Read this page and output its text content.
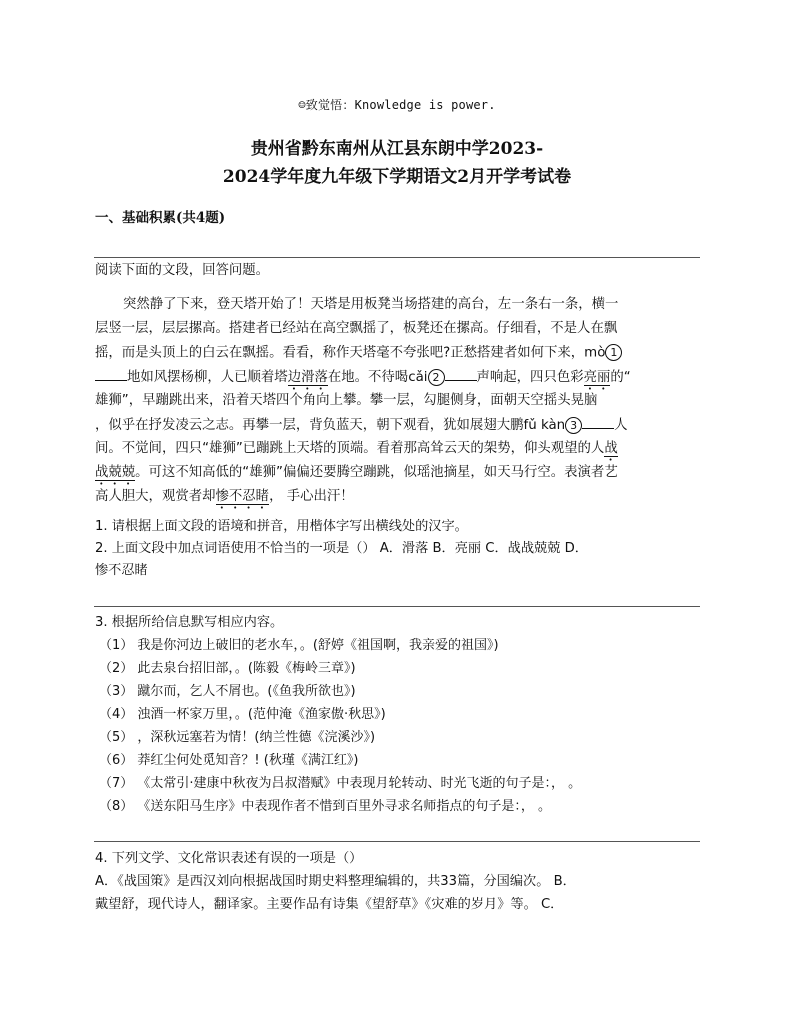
☺致觉悟：Knowledge is power.
贵州省黔东南州从江县东朗中学2023-
2024学年度九年级下学期语文2月开学考试卷
一、基础积累(共4题)
阅读下面的文段，回答问题。
突然静了下来，登天塔开始了！天塔是用板凳当场搭建的高台，左一条右一条，横一
层竖一层，层层摞高。搭建者已经站在高空飘摇了，板凳还在摞高。仔细看，不是人在飘
摇，而是头顶上的白云在飘摇。看看，称作天塔毫不夸张吧?正愁搭建者如何下来，mò 1
地如风摆杨柳，人已顺着塔边滑落在地。不待喝cǎi 2	声响起，四只色彩亮丽的“
雄狮”，早蹦跳出来，沿着天塔四个角向上攀。攀一层，勾腿侧身，面朝天空摇头晃脑
，似乎在抒发凌云之志。再攀一层，背负蓝天，朝下观看，犹如展翅大鹏fǔ kàn 3	人
间。不觉间，四只“雄狮”已蹦跳上天塔的顶端。看着那高耸云天的架势，仰头观望的人战
战兢兢。可这不知高低的“雄狮”偏偏还要腾空蹦跳，似瑶池摘星，如天马行空。表演者艺
高人胆大，观赏者却惨不忍睹， 手心出汗！
1. 请根据上面文段的语境和拼音，用楷体字写出横线处的汉字。
2. 上面文段中加点词语使用不恰当的一项是（） A．滑落 B．亮丽 C．战战兢兢 D．
惨不忍睹
3. 根据所给信息默写相应内容。
（1） 我是你河边上破旧的老水车，。(舒婷《祖国啊，我亲爱的祖国》)
（2） 此去泉台招旧部，。(陈毅《梅岭三章》)
（3） 蹴尔而，乞人不屑也。(《鱼我所欲也》)
（4） 浊酒一杯家万里，。(范仲淹《渔家傲·秋思》)
（5） ，深秋远塞若为情！(纳兰性德《浣溪沙》)
（6） 莽红尘何处觅知音？! (秋瑾《满江红》)
（7） 《太常引·建康中秋夜为吕叔潜赋》中表现月轮转动、时光飞逝的句子是：， 。
（8） 《送东阳马生序》中表现作者不惜到百里外寻求名师指点的句子是：， 。
4. 下列文学、文化常识表述有误的一项是（）
A．《战国策》是西汉刘向根据战国时期史料整理编辑的，共33篇，分国编次。 B．
戴望舒，现代诗人，翻译家。主要作品有诗集《望舒草》《灾难的岁月》等。 C．
